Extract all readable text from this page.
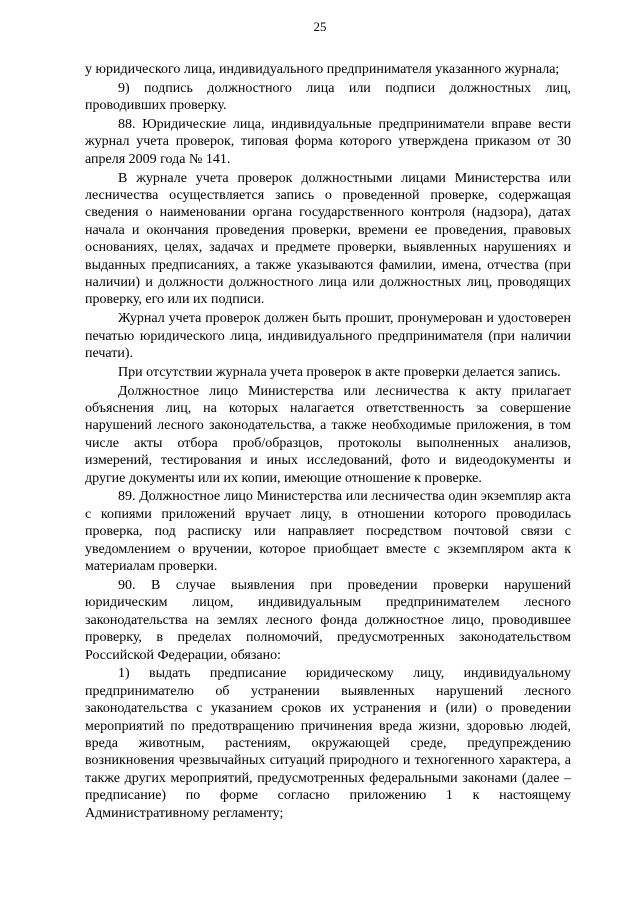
25

у юридического лица, индивидуального предпринимателя указанного журнала;

9) подпись должностного лица или подписи должностных лиц, проводивших проверку.

88. Юридические лица, индивидуальные предприниматели вправе вести журнал учета проверок, типовая форма которого утверждена приказом от 30 апреля 2009 года № 141.

В журнале учета проверок должностными лицами Министерства или лесничества осуществляется запись о проведенной проверке, содержащая сведения о наименовании органа государственного контроля (надзора), датах начала и окончания проведения проверки, времени ее проведения, правовых основаниях, целях, задачах и предмете проверки, выявленных нарушениях и выданных предписаниях, а также указываются фамилии, имена, отчества (при наличии) и должности должностного лица или должностных лиц, проводящих проверку, его или их подписи.

Журнал учета проверок должен быть прошит, пронумерован и удостоверен печатью юридического лица, индивидуального предпринимателя (при наличии печати).

При отсутствии журнала учета проверок в акте проверки делается запись.

Должностное лицо Министерства или лесничества к акту прилагает объяснения лиц, на которых налагается ответственность за совершение нарушений лесного законодательства, а также необходимые приложения, в том числе акты отбора проб/образцов, протоколы выполненных анализов, измерений, тестирования и иных исследований, фото и видеодокументы и другие документы или их копии, имеющие отношение к проверке.

89. Должностное лицо Министерства или лесничества один экземпляр акта с копиями приложений вручает лицу, в отношении которого проводилась проверка, под расписку или направляет посредством почтовой связи с уведомлением о вручении, которое приобщает вместе с экземпляром акта к материалам проверки.

90. В случае выявления при проведении проверки нарушений юридическим лицом, индивидуальным предпринимателем лесного законодательства на землях лесного фонда должностное лицо, проводившее проверку, в пределах полномочий, предусмотренных законодательством Российской Федерации, обязано:

1) выдать предписание юридическому лицу, индивидуальному предпринимателю об устранении выявленных нарушений лесного законодательства с указанием сроков их устранения и (или) о проведении мероприятий по предотвращению причинения вреда жизни, здоровью людей, вреда животным, растениям, окружающей среде, предупреждению возникновения чрезвычайных ситуаций природного и техногенного характера, а также других мероприятий, предусмотренных федеральными законами (далее – предписание) по форме согласно приложению 1 к настоящему Административному регламенту;
